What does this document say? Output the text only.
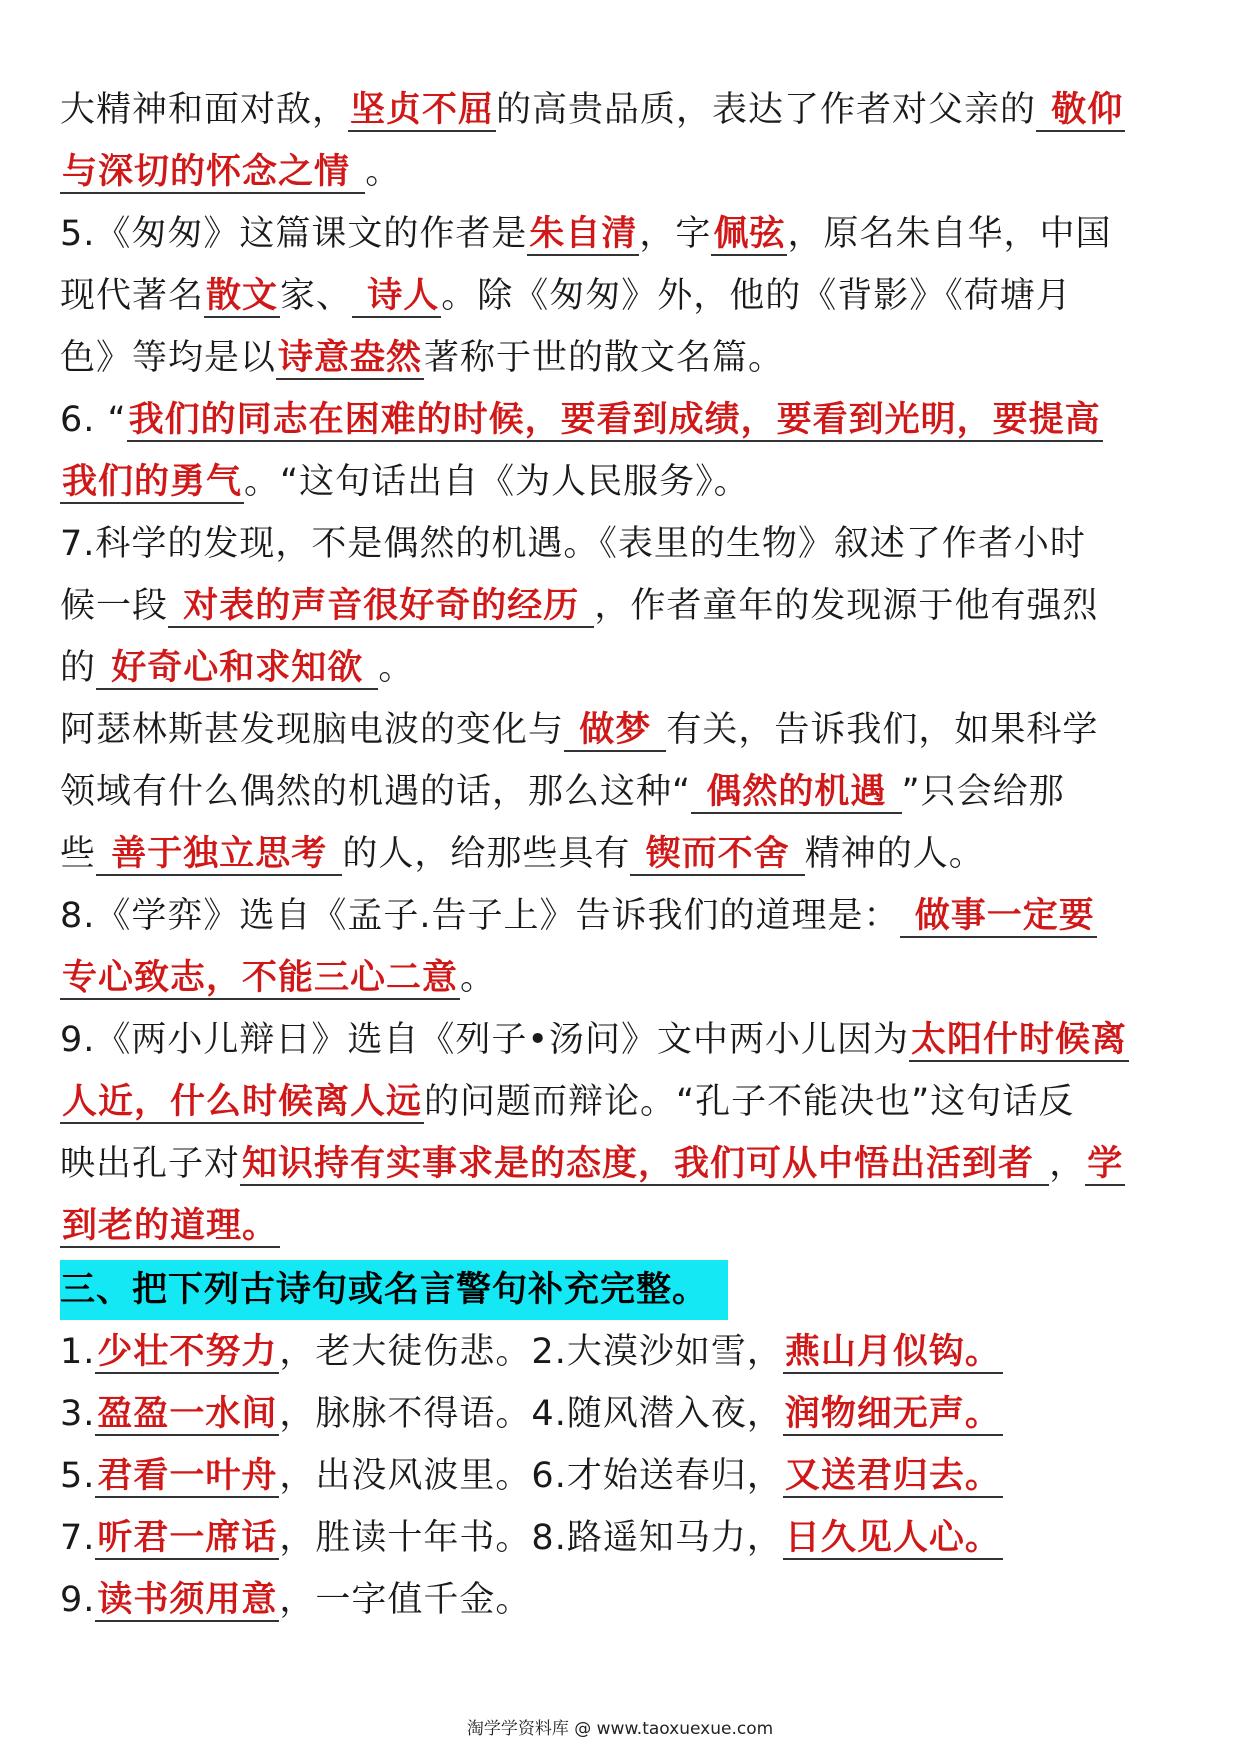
大精神和面对敌，坚贞不屈的高贵品质，表达了作者对父亲的 敬仰
与深切的怀念之情 。
5.《匆匆》这篇课文的作者是朱自清，字佩弦，原名朱自华，中国
现代著名散文家、 诗人。除《匆匆》外，他的《背影》《荷塘月
色》等均是以诗意盎然著称于世的散文名篇。
6. “我们的同志在困难的时候，要看到成绩，要看到光明，要提高
我们的勇气。“这句话出自《为人民服务》。
7.科学的发现，不是偶然的机遇。《表里的生物》叙述了作者小时
候一段 对表的声音很好奇的经历 ，作者童年的发现源于他有强烈
的 好奇心和求知欲 。
阿瑟林斯甚发现脑电波的变化与 做梦 有关，告诉我们，如果科学
领域有什么偶然的机遇的话，那么这种“ 偶然的机遇 ”只会给那
些 善于独立思考 的人，给那些具有 锲而不舍 精神的人。
8.《学弈》选自《孟子.告子上》告诉我们的道理是： 做事一定要
专心致志，不能三心二意。
9.《两小儿辩日》选自《列子•汤问》文中两小儿因为太阳什时候离
人近，什么时候离人远的问题而辩论。“孔子不能决也”这句话反
映出孔子对知识持有实事求是的态度，我们可从中悟出活到者 ，学
到老的道理。
三、把下列古诗句或名言警句补充完整。
1.少壮不努力，老大徒伤悲。2.大漠沙如雪，燕山月似钩。
3.盈盈一水间，脉脉不得语。4.随风潜入夜，润物细无声。
5.君看一叶舟，出没风波里。6.才始送春归，又送君归去。
7.听君一席话，胜读十年书。8.路遥知马力，日久见人心。
9.读书须用意，一字值千金。
淘学学资料库 @ www.taoxuexue.com
